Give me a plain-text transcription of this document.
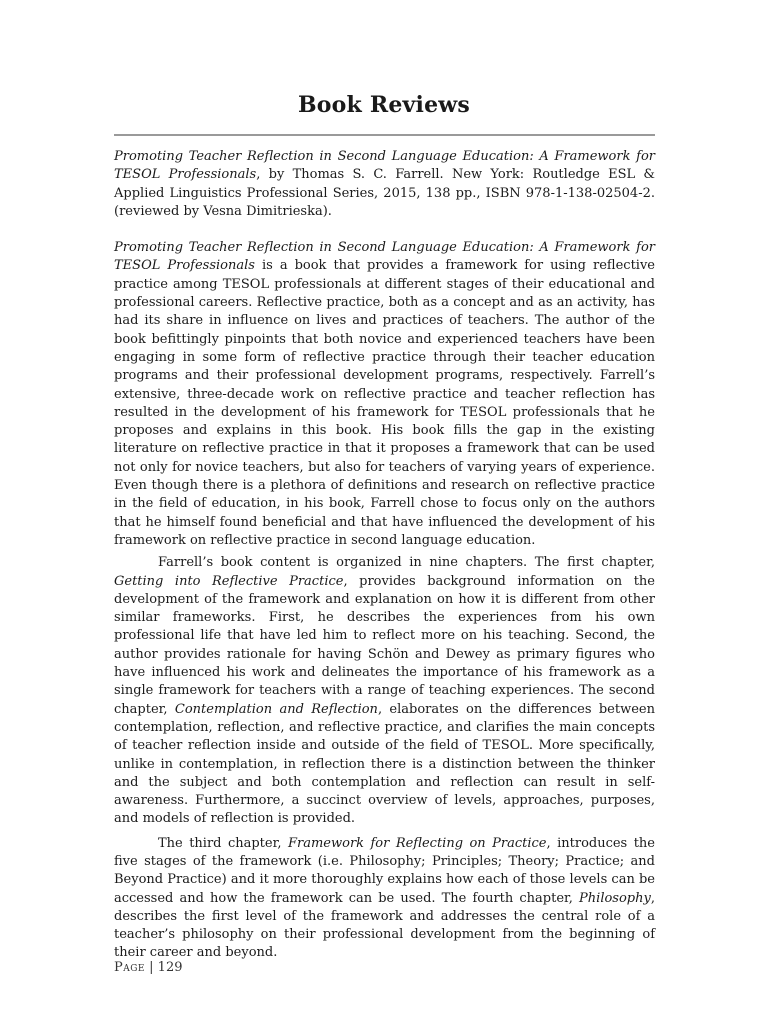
Book Reviews

Promoting Teacher Reflection in Second Language Education: A Framework for TESOL Professionals, by Thomas S. C. Farrell. New York: Routledge ESL & Applied Linguistics Professional Series, 2015, 138 pp., ISBN 978-1-138-02504-2. (reviewed by Vesna Dimitrieska).

Promoting Teacher Reflection in Second Language Education: A Framework for TESOL Professionals is a book that provides a framework for using reflective practice among TESOL professionals at different stages of their educational and professional careers. Reflective practice, both as a concept and as an activity, has had its share in influence on lives and practices of teachers. The author of the book befittingly pinpoints that both novice and experienced teachers have been engaging in some form of reflective practice through their teacher education programs and their professional development programs, respectively. Farrell’s extensive, three-decade work on reflective practice and teacher reflection has resulted in the development of his framework for TESOL professionals that he proposes and explains in this book. His book fills the gap in the existing literature on reflective practice in that it proposes a framework that can be used not only for novice teachers, but also for teachers of varying years of experience. Even though there is a plethora of definitions and research on reflective practice in the field of education, in his book, Farrell chose to focus only on the authors that he himself found beneficial and that have influenced the development of his framework on reflective practice in second language education.

Farrell’s book content is organized in nine chapters. The first chapter, Getting into Reflective Practice, provides background information on the development of the framework and explanation on how it is different from other similar frameworks. First, he describes the experiences from his own professional life that have led him to reflect more on his teaching. Second, the author provides rationale for having Schön and Dewey as primary figures who have influenced his work and delineates the importance of his framework as a single framework for teachers with a range of teaching experiences. The second chapter, Contemplation and Reflection, elaborates on the differences between contemplation, reflection, and reflective practice, and clarifies the main concepts of teacher reflection inside and outside of the field of TESOL. More specifically, unlike in contemplation, in reflection there is a distinction between the thinker and the subject and both contemplation and reflection can result in self-awareness. Furthermore, a succinct overview of levels, approaches, purposes, and models of reflection is provided.

The third chapter, Framework for Reflecting on Practice, introduces the five stages of the framework (i.e. Philosophy; Principles; Theory; Practice; and Beyond Practice) and it more thoroughly explains how each of those levels can be accessed and how the framework can be used. The fourth chapter, Philosophy, describes the first level of the framework and addresses the central role of a teacher’s philosophy on their professional development from the beginning of their career and beyond.

Page | 129
